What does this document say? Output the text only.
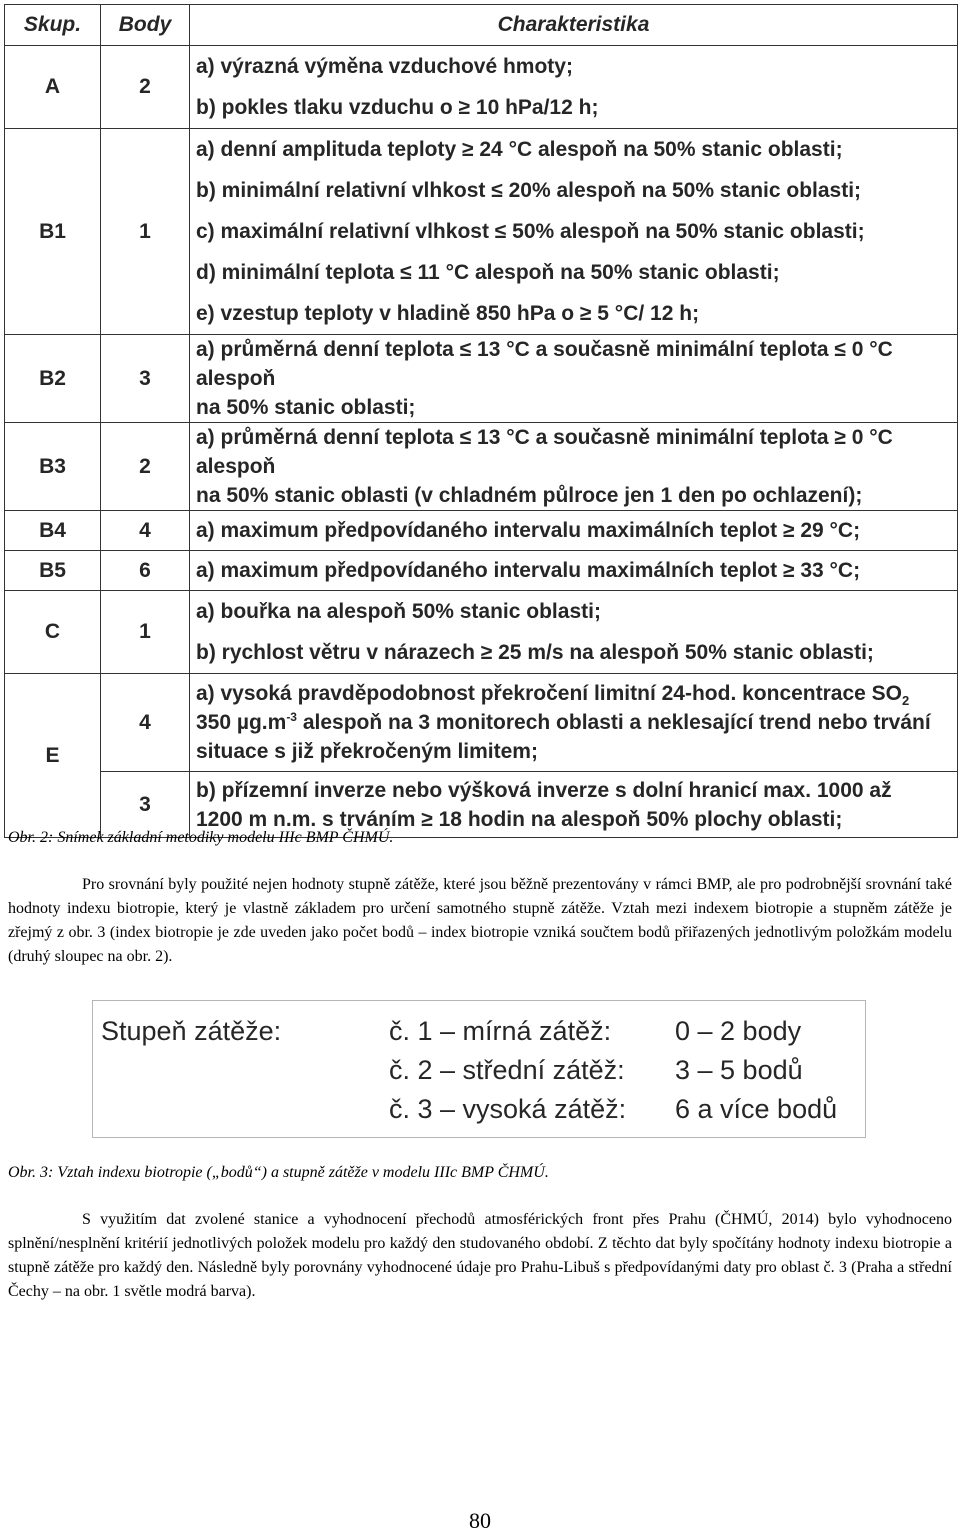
Skup.	Body	Charakteristika
A	2	a) výrazná výměna vzduchové hmoty;
b) pokles tlaku vzduchu o ≥ 10 hPa/12 h;

B1	1	a) denní amplituda teploty ≥ 24 °C alespoň na 50% stanic oblasti;
b) minimální relativní vlhkost ≤ 20% alespoň na 50% stanic oblasti;
c) maximální relativní vlhkost ≤ 50% alespoň na 50% stanic oblasti;
d) minimální teplota ≤ 11 °C alespoň na 50% stanic oblasti;
e) vzestup teploty v hladině 850 hPa o ≥ 5 °C/ 12 h;

B2	3	a) průměrná denní teplota ≤ 13 °C a současně minimální teplota ≤ 0 °C alespoň
na 50% stanic oblasti;

B3	2	a) průměrná denní teplota ≤ 13 °C a současně minimální teplota ≥ 0 °C alespoň
na 50% stanic oblasti (v chladném půlroce jen 1 den po ochlazení);

B4	4	a) maximum předpovídaného intervalu maximálních teplot ≥ 29 °C;

B5	6	a) maximum předpovídaného intervalu maximálních teplot ≥ 33 °C;

C	1	a) bouřka na alespoň 50% stanic oblasti;
b) rychlost větru v nárazech ≥ 25 m/s na alespoň 50% stanic oblasti;

E	4	a) vysoká pravděpodobnost překročení limitní 24-hod. koncentrace $SO_2$
350 $\mu g.m^{-3}$ alespoň na 3 monitorech oblasti a neklesající trend nebo trvání
situace s již překročeným limitem;

	3	b) přízemní inverze nebo výšková inverze s dolní hranicí max. 1000 až
1200 m n.m. s trváním ≥ 18 hodin na alespoň 50% plochy oblasti;
Obr. 2: Snímek základní metodiky modelu IIIc BMP ČHMÚ.

Pro srovnání byly použité nejen hodnoty stupně zátěže, které jsou běžně prezentovány v rámci BMP, ale pro podrobnější srovnání také hodnoty indexu biotropie, který je vlastně základem pro určení samotného stupně zátěže. Vztah mezi indexem biotropie a stupněm zátěže je zřejmý z obr. 3 (index biotropie je zde uveden jako počet bodů – index biotropie vzniká součtem bodů přiřazených jednotlivým položkám modelu (druhý sloupec na obr. 2).

Stupeň zátěže:	č. 1 – mírná zátěž: 0 – 2 body
č. 2 – střední zátěž: 3 – 5 bodů
č. 3 – vysoká zátěž: 6 a více bodů
Obr. 3: Vztah indexu biotropie („bodů“) a stupně zátěže v modelu IIIc BMP ČHMÚ.

S využitím dat zvolené stanice a vyhodnocení přechodů atmosférických front přes Prahu (ČHMÚ, 2014) bylo vyhodnoceno splnění/nesplnění kritérií jednotlivých položek modelu pro každý den studovaného období. Z těchto dat byly spočítány hodnoty indexu biotropie a stupně zátěže pro každý den. Následně byly porovnány vyhodnocené údaje pro Prahu-Libuš s předpovídanými daty pro oblast č. 3 (Praha a střední Čechy – na obr. 1 světle modrá barva).

80
